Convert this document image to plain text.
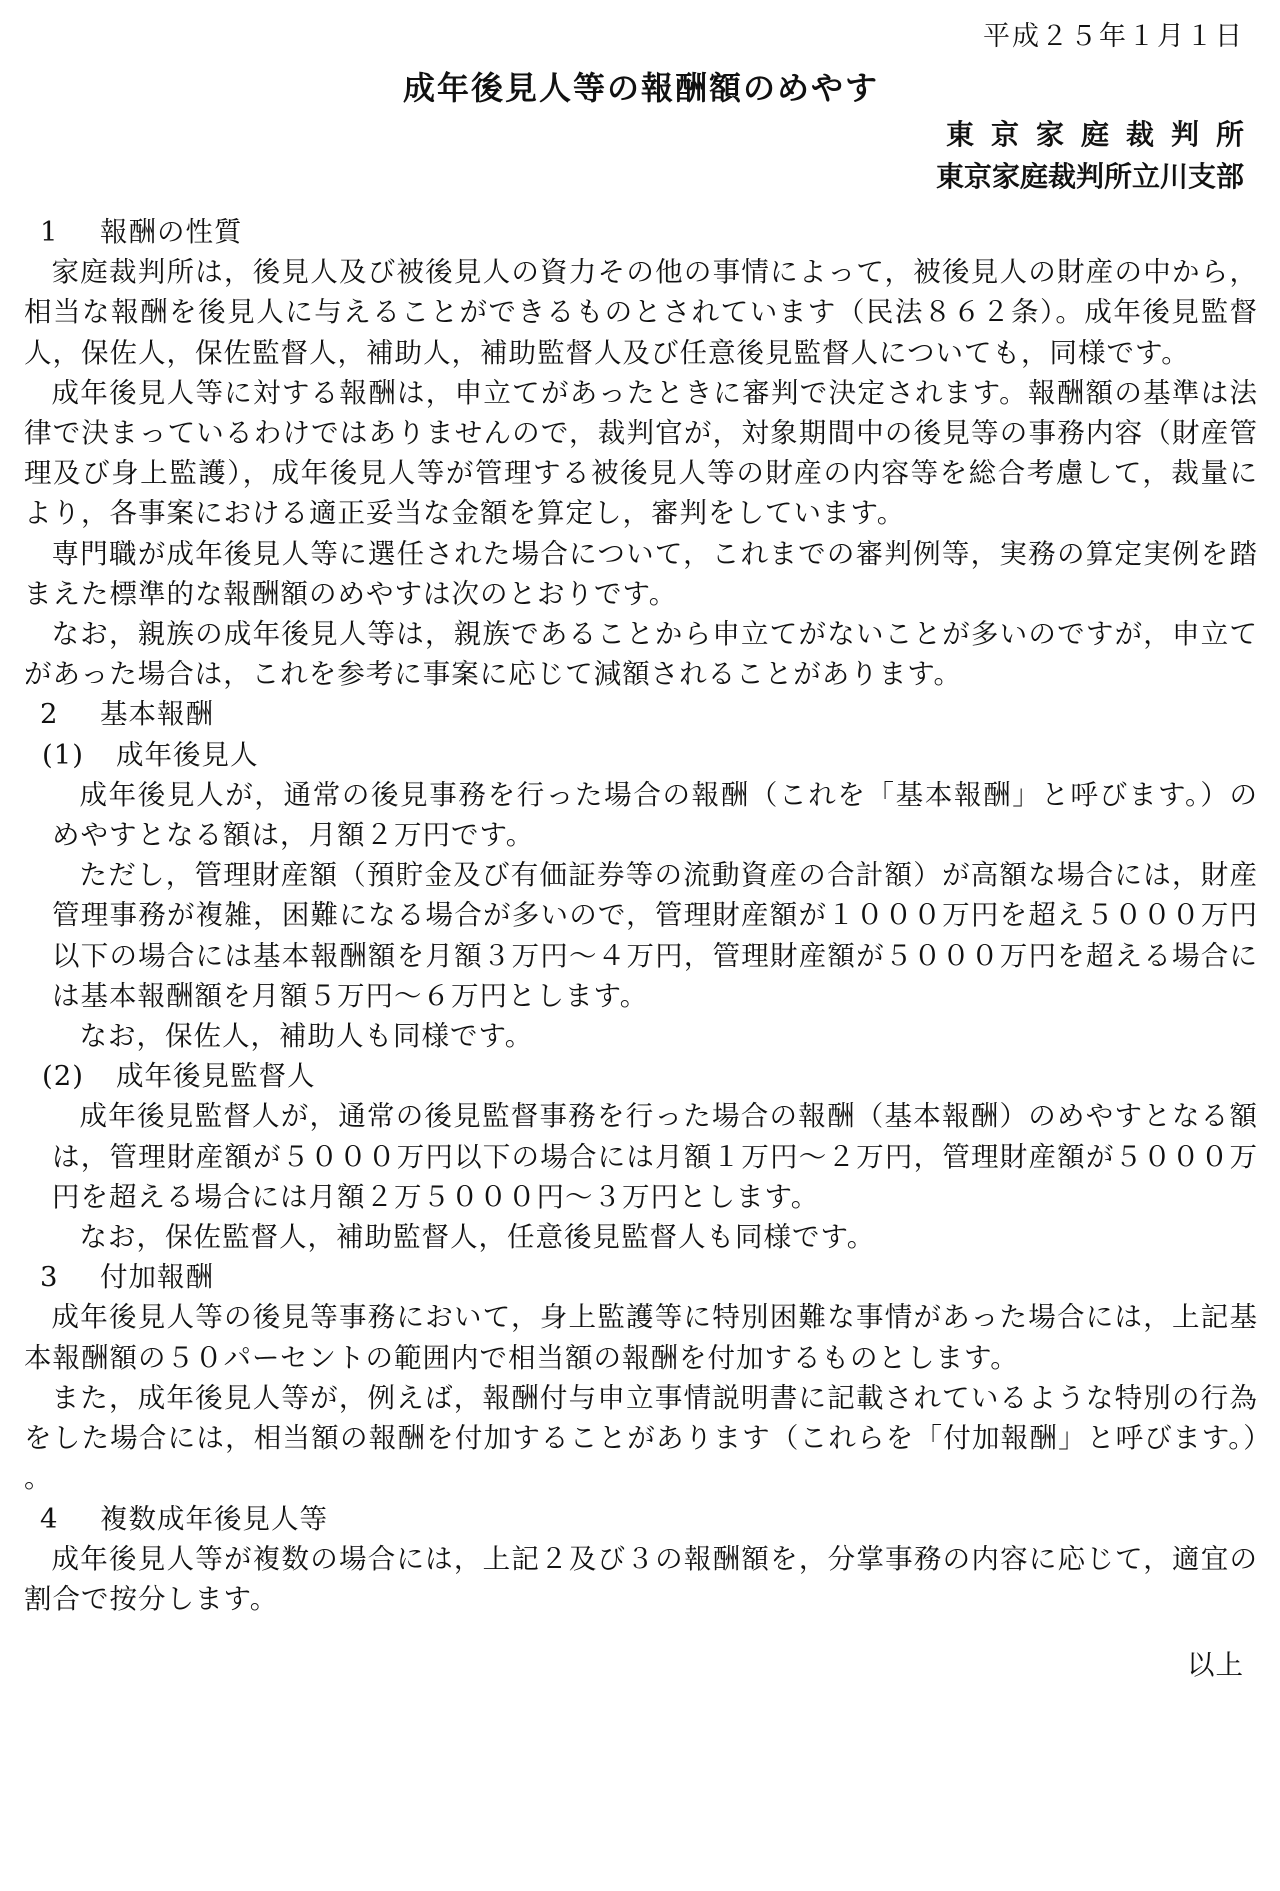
平成２５年１月１日
成年後見人等の報酬額のめやす
東京家庭裁判所
東京家庭裁判所立川支部
1 報酬の性質

家庭裁判所は，後見人及び被後見人の資力その他の事情によって，被後見人の財産の中から，相当な報酬を後見人に与えることができるものとされています（民法８６２条）。成年後見監督人，保佐人，保佐監督人，補助人，補助監督人及び任意後見監督人についても，同様です。

成年後見人等に対する報酬は，申立てがあったときに審判で決定されます。報酬額の基準は法律で決まっているわけではありませんので，裁判官が，対象期間中の後見等の事務内容（財産管理及び身上監護），成年後見人等が管理する被後見人等の財産の内容等を総合考慮して，裁量により，各事案における適正妥当な金額を算定し，審判をしています。

専門職が成年後見人等に選任された場合について，これまでの審判例等，実務の算定実例を踏まえた標準的な報酬額のめやすは次のとおりです。

なお，親族の成年後見人等は，親族であることから申立てがないことが多いのですが，申立てがあった場合は，これを参考に事案に応じて減額されることがあります。

2 基本報酬
(1) 成年後見人

成年後見人が，通常の後見事務を行った場合の報酬（これを「基本報酬」と呼びます。）のめやすとなる額は，月額２万円です。

ただし，管理財産額（預貯金及び有価証券等の流動資産の合計額）が高額な場合には，財産管理事務が複雑，困難になる場合が多いので，管理財産額が１０００万円を超え５０００万円以下の場合には基本報酬額を月額３万円～４万円，管理財産額が５０００万円を超える場合には基本報酬額を月額５万円～６万円とします。

なお，保佐人，補助人も同様です。

(2) 成年後見監督人

成年後見監督人が，通常の後見監督事務を行った場合の報酬（基本報酬）のめやすとなる額は，管理財産額が５０００万円以下の場合には月額１万円～２万円，管理財産額が５０００万円を超える場合には月額２万５０００円～３万円とします。

なお，保佐監督人，補助監督人，任意後見監督人も同様です。

3 付加報酬

成年後見人等の後見等事務において，身上監護等に特別困難な事情があった場合には，上記基本報酬額の５０パーセントの範囲内で相当額の報酬を付加するものとします。

また，成年後見人等が，例えば，報酬付与申立事情説明書に記載されているような特別の行為をした場合には，相当額の報酬を付加することがあります（これらを「付加報酬」と呼びます。）。

4 複数成年後見人等

成年後見人等が複数の場合には，上記２及び３の報酬額を，分掌事務の内容に応じて，適宜の割合で按分します。

以上
